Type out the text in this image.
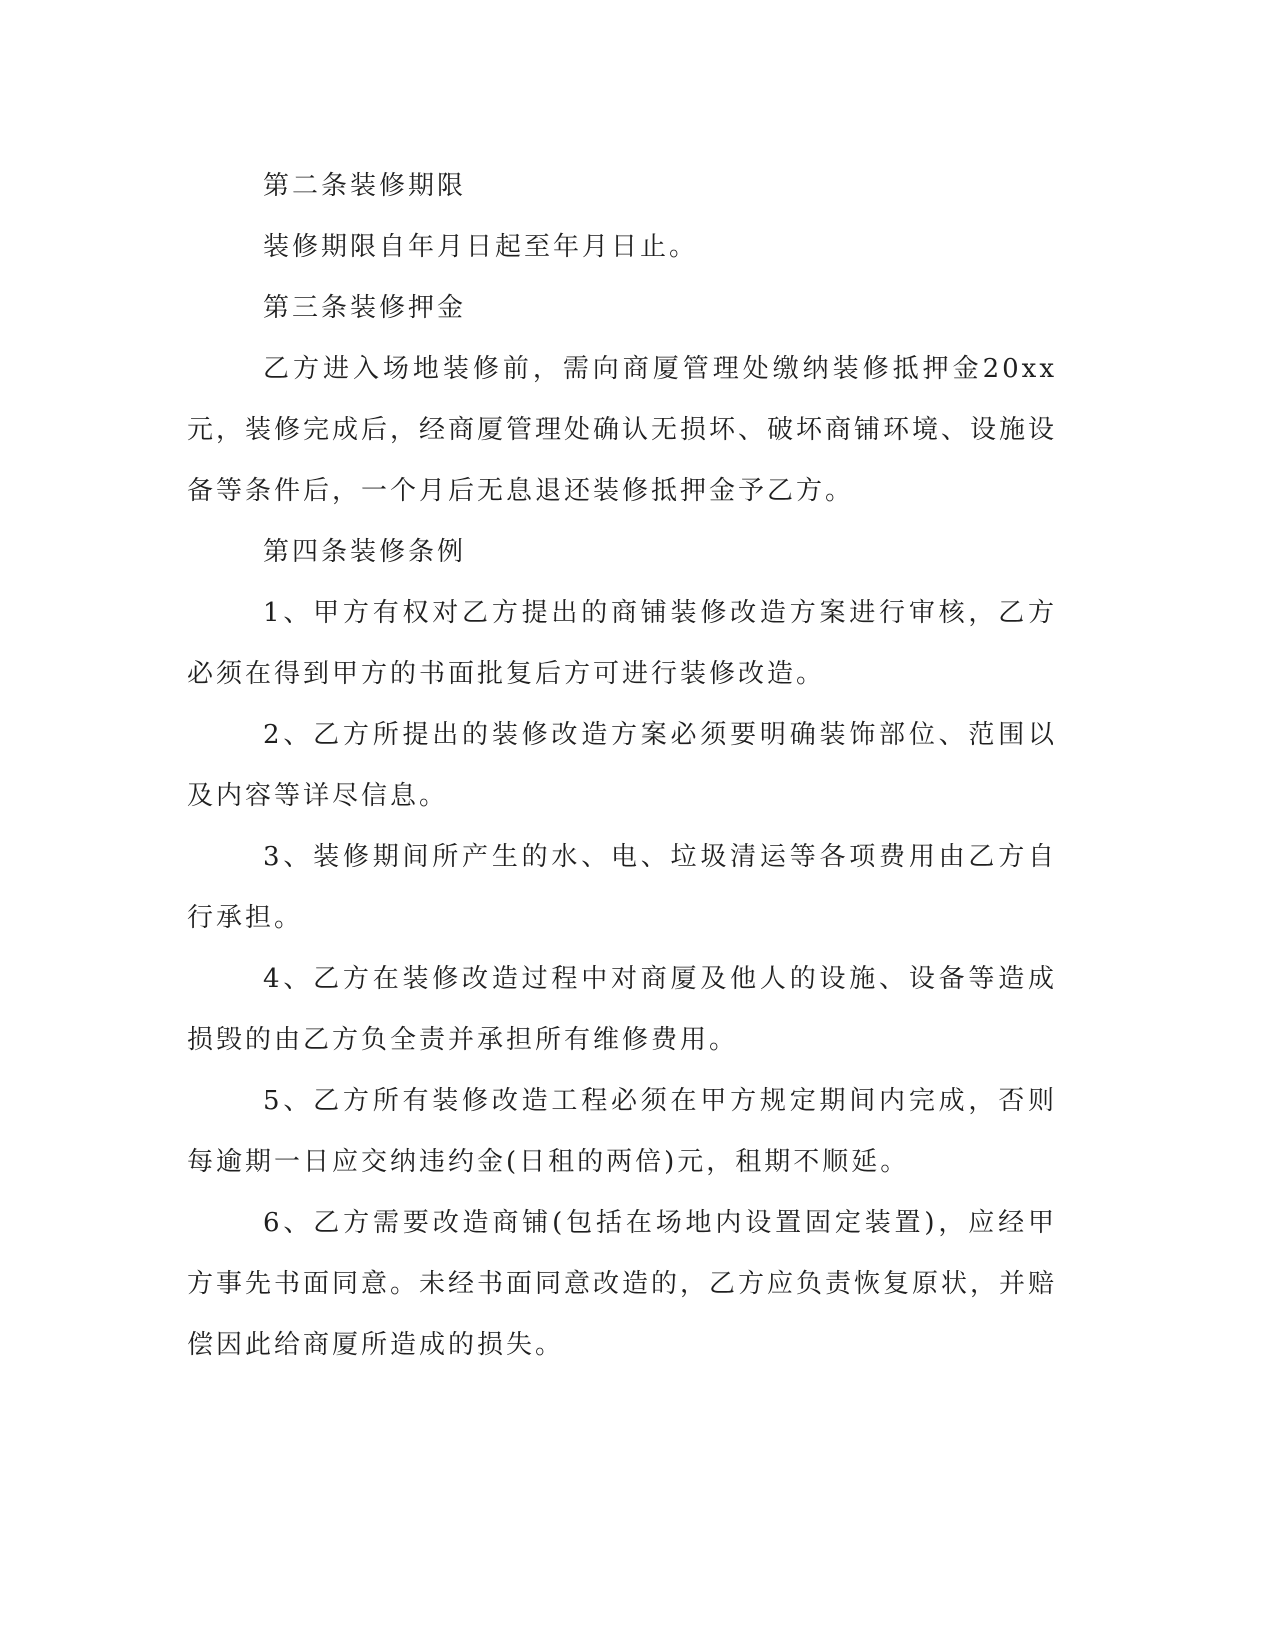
第二条装修期限

装修期限自年月日起至年月日止。

第三条装修押金

乙方进入场地装修前，需向商厦管理处缴纳装修抵押金20xx元，装修完成后，经商厦管理处确认无损坏、破坏商铺环境、设施设备等条件后，一个月后无息退还装修抵押金予乙方。

第四条装修条例

1、甲方有权对乙方提出的商铺装修改造方案进行审核，乙方必须在得到甲方的书面批复后方可进行装修改造。

2、乙方所提出的装修改造方案必须要明确装饰部位、范围以及内容等详尽信息。

3、装修期间所产生的水、电、垃圾清运等各项费用由乙方自行承担。

4、乙方在装修改造过程中对商厦及他人的设施、设备等造成损毁的由乙方负全责并承担所有维修费用。

5、乙方所有装修改造工程必须在甲方规定期间内完成，否则每逾期一日应交纳违约金(日租的两倍)元，租期不顺延。

6、乙方需要改造商铺(包括在场地内设置固定装置)，应经甲方事先书面同意。未经书面同意改造的，乙方应负责恢复原状，并赔偿因此给商厦所造成的损失。
